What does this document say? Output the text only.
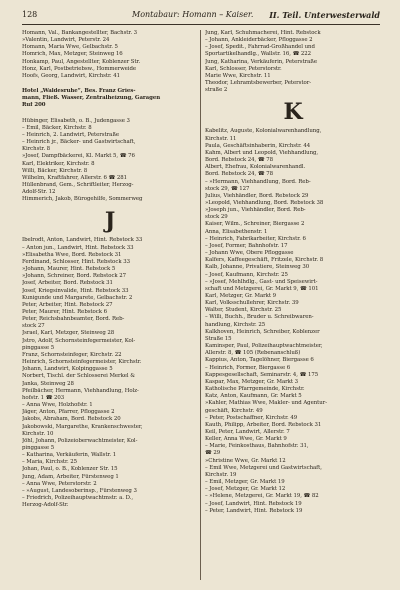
128	Montabaur: Homann – Kaiser. II. Teil. Unterwesterwald
Homann, Val., Bankangestellter, Bachstr. 3
»Valentin, Landwirt, Peterstr. 24
Homann, Maria Wwe, Gelbachstr. 5
Homrich, Max, Metzger, Steinweg 16
Honkamp, Paul, Angestellter, Koblenzer Str.
Honz, Karl, Postbetriebsw., Hommerweide
Hoofs, Georg, Landwirt, Kirchstr. 41
Hotel „Waldesruhe“, Bes. Franz Gries-
mann, Fließ. Wasser, Zentralheizung, Garagen
Ruf 200
Hübinger, Elisabeth, o. B., Judengasse 3
– Emil, Bäcker, Kirchstr. 8
– Heinrich, 2. Landwirt, Peterstraße
– Heinrich jr., Bäcker- und Gastwirtschaft,
Kirchstr. 8
»Josef, Dampfbäckerei, Kl. Markt 5, ☎ 76
Karl, Elektriker, Kirchstr. 8
Willi, Bäcker, Kirchstr. 8
Wilhelm, Kraftfahrer, Allerstr. 6 ☎ 281
Hüllenbrand, Gem., Schriftleiter, Herzog-
Adolf-Str. 12
Himmerich, Jakob, Bürogehilfe, Sommerweg
J
Ibelrodt, Anton, Landwirt, Hint. Rebstock 33
– Anton jun., Landwirt, Hint. Rebstock 33
»Elisabetha Wwe, Bord. Rebstock 31
Ferdinand, Schlosser, Hint. Rebstock 33
»Johann, Maurer, Hint. Rebstock 5
»Johann, Schreiner, Bord. Rebstock 27
Josef, Arbeiter, Bord. Rebstock 31
Josef, Kriegsinvalide, Hint. Rebstock 33
Kunigunde und Margarete, Gelbachstr. 2
Peter, Arbeiter, Hint. Rebstock 27
Peter, Maurer, Hint. Rebstock 6
Peter, Reichsbahnbeamter, Bord. Reb-
stock 27
Jsrael, Karl, Metzger, Steinweg 28
Jstro, Adolf, Schornsteinfegermeister, Kol-
pinggasse 5
Franz, Schornsteinfeger, Kirchstr. 22
Heinrich, Schornsteinfegermeister, Kirchstr.
Johann, Landwirt, Kolpinggasse 5
Norbert, Tischl. der Schlosserei Merkel &
Janka, Steinweg 28
Pfeilbächer, Hermann, Viehhandlung, Holz-
hofstr. 1 ☎ 203
– Anna Wwe, Holzhofstr. 1
Jäger, Anton, Pfarrer, Pfloggasse 2
Jakobs, Abraham, Bord. Rebstock 20
Jakobowski, Margarethe, Krankenschwester,
Kirchstr. 10
Jöhl, Johann, Polizeioberwachtmeister, Kol-
pinggasse 5
– Katharina, Verkäuferin, Wallstr. 1
– Maria, Kirchstr. 25
Johan, Paul, o. B., Koblenzer Str. 15
Jung, Adam, Arbeiter, Fürstenweg 1
– Anna Wwe, Peterstorstr. 2
– »August, Landesoberinsp., Fürstenweg 3
– Friedrich, Polizeihauptwachtmstr. a. D.,
Herzog-Adolf-Str.
Jung, Karl, Schuhmacherei, Hint. Rebstock
– Johann, Ankleiderbäcker, Pfloggasse 2
– Josef, Spedit., Fahrrad-Großhandel und
Sportartikelhandlg., Wallstr. 16, ☎ 222
Jung, Katharina, Verkäuferin, Peterstraße
Karl, Schlosser, Peterstorstr.
Marie Wwe, Kirchstr. 11
Theodor, Lehramtsbewerber, Peterstor-
straße 2
K
Kabelitz, Auguste, Kolonialwarenhandlung,
Kirchstr. 11
Paula, Geschäftsinhaberin, Kirchstr. 44
Kahm, Albert und Leopold, Viehhandlung,
Bord. Rebstock 24, ☎ 78
Albert, Ehefrau, Kolonialwarenhandl.
Bord. Rebstock 24, ☎ 78
– »Hermann, Viehhandlung, Bord. Reb-
stock 29, ☎ 127
Julius, Viehhändler, Bord. Rebstock 29
»Leopold, Viehhandlung, Bord. Rebstock 38
»Joseph jun., Viehhändler, Bord. Reb-
stock 29
Kaiser, Wilm., Schreiner, Biergasse 2
Anna, Elisabethenstr. 1
– Heinrich, Fabrikarbeiter, Kirchstr. 6
– Josef, Former, Bahnhofstr. 17
– Johann Wwe, Obere Pfloggasse
Kalfers, Kaffeegeschäft, Fritzele, Kirchstr. 8
Kalb, Johanne, Privatiere, Steinweg 30
– Josef, Kaufmann, Kirchstr. 25
– »Josef, Mehlhdlg., Gast- und Speisewirt-
schaft und Metzgerei, Gr. Markt 9, ☎ 101
Karl, Metzger, Gr. Markt 9
Karl, Volksschullehrer, Kirchstr. 39
Walter, Student, Kirchstr. 25
– Willi, Buchh., Bruder u. Schreibwaren-
handlung, Kirchstr. 25
Kalkhoven, Heinrich, Schreiber, Koblenzer
Straße 15
Kaminsper, Paul, Polizeihauptwachtmeister,
Allerstr. 8, ☎ 105 (Rebenanschluß)
Kappius, Anton, Tagelöhner, Biergasse 6
– Heinrich, Former, Biergasse 6
Kappesgesellschaft, Seminarstr. 4, ☎ 175
Kaspar, Max, Metzger, Gr. Markt 3
Katholische Pfarrgemeinde, Kirchstr.
Katz, Anton, Kaufmann, Gr. Markt 5
»Kahler, Mathias Wwe, Makler- und Agentur-
geschäft, Kirchstr. 49
– Peter, Postschaffner, Kirchstr. 49
Kauth, Philipp, Arbeiter, Bord. Rebstock 31
Keil, Peter, Landwirt, Allerstr. 7
Keller, Anna Wwe, Gr. Markt 9
– Marie, Feinkosthaus, Bahnhofstr. 31,
☎ 29
»Christine Wwe, Gr. Markt 12
– Emil Wwe, Metzgerei und Gastwirtschaft,
Kirchstr. 19
– Emil, Metzger, Gr. Markt 19
– Josef, Metzger, Gr. Markt 12
– »Helene, Metzgerei, Gr. Markt 19, ☎ 82
– Josef, Landwirt, Hint. Rebstock 19
– Peter, Landwirt, Hint. Rebstock 19
